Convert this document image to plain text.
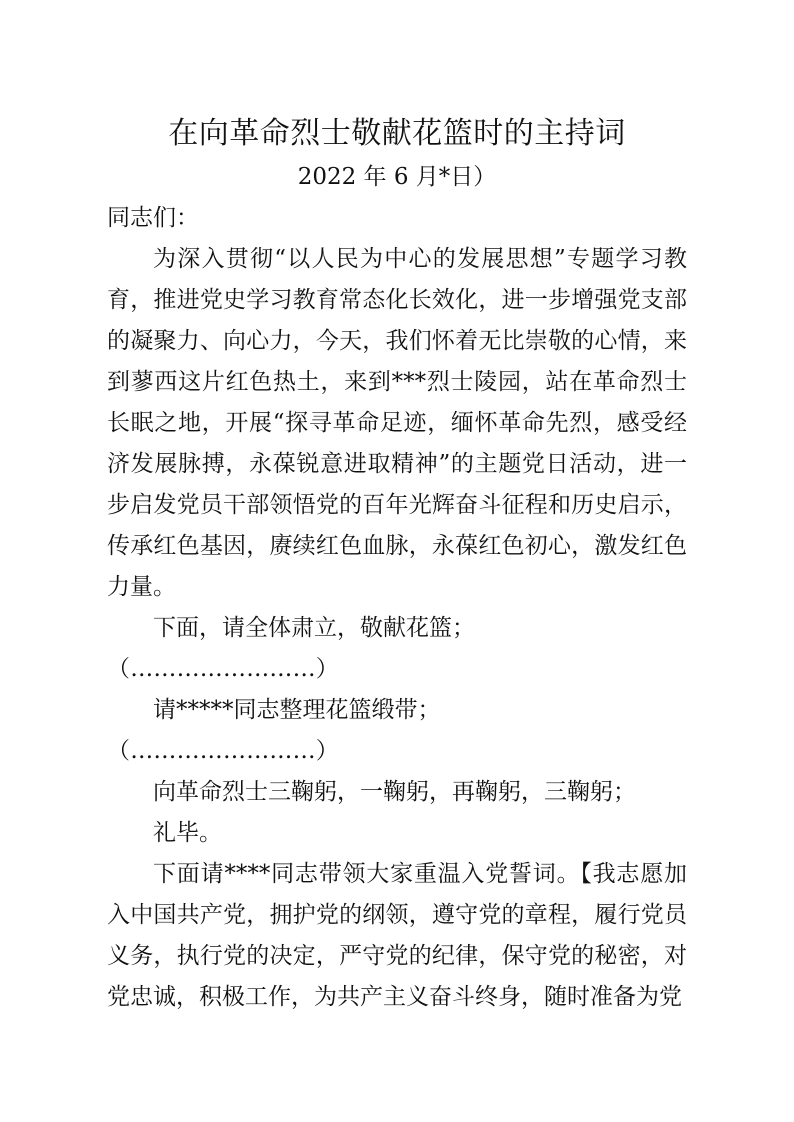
在向革命烈士敬献花篮时的主持词
2022 年 6 月*日）
同志们：

为深入贯彻“以人民为中心的发展思想”专题学习教育，推进党史学习教育常态化长效化，进一步增强党支部的凝聚力、向心力，今天，我们怀着无比崇敬的心情，来到蓼西这片红色热土，来到***烈士陵园，站在革命烈士长眠之地，开展“探寻革命足迹，缅怀革命先烈，感受经济发展脉搏，永葆锐意进取精神”的主题党日活动，进一步启发党员干部领悟党的百年光辉奋斗征程和历史启示，传承红色基因，赓续红色血脉，永葆红色初心，激发红色力量。

下面，请全体肃立，敬献花篮；

（……………………）

请*****同志整理花篮缎带；

（……………………）

向革命烈士三鞠躬，一鞠躬，再鞠躬，三鞠躬；

礼毕。

下面请****同志带领大家重温入党誓词。【我志愿加入中国共产党，拥护党的纲领，遵守党的章程，履行党员义务，执行党的决定，严守党的纪律，保守党的秘密，对党忠诚，积极工作，为共产主义奋斗终身，随时准备为党
